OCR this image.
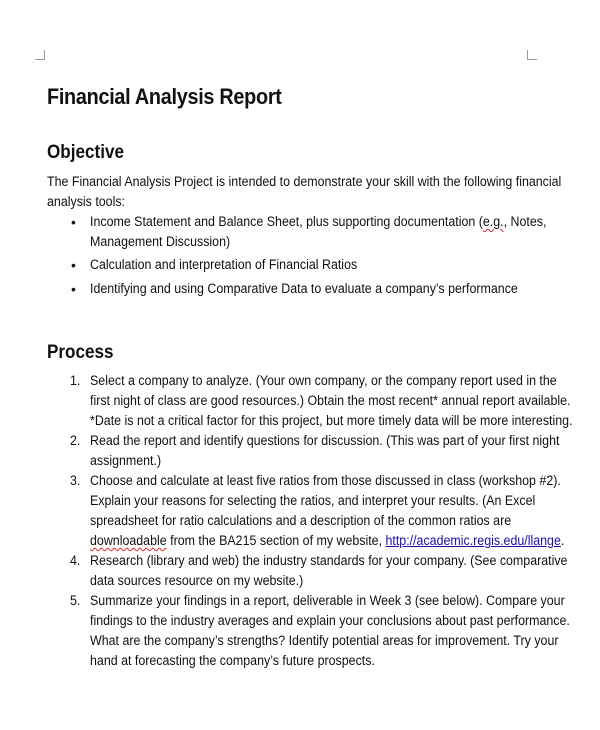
Financial Analysis Report
Objective
The Financial Analysis Project is intended to demonstrate your skill with the following financial
analysis tools:
• Income Statement and Balance Sheet, plus supporting documentation (e.g., Notes,
Management Discussion)
• Calculation and interpretation of Financial Ratios
• Identifying and using Comparative Data to evaluate a company’s performance
Process
1. Select a company to analyze. (Your own company, or the company report used in the
first night of class are good resources.) Obtain the most recent* annual report available.
*Date is not a critical factor for this project, but more timely data will be more interesting.
2. Read the report and identify questions for discussion. (This was part of your first night
assignment.)
3. Choose and calculate at least five ratios from those discussed in class (workshop #2).
Explain your reasons for selecting the ratios, and interpret your results. (An Excel
spreadsheet for ratio calculations and a description of the common ratios are
downloadable from the BA215 section of my website, http://academic.regis.edu/llange.
4. Research (library and web) the industry standards for your company. (See comparative
data sources resource on my website.)
5. Summarize your findings in a report, deliverable in Week 3 (see below). Compare your
findings to the industry averages and explain your conclusions about past performance.
What are the company’s strengths? Identify potential areas for improvement. Try your
hand at forecasting the company’s future prospects.
